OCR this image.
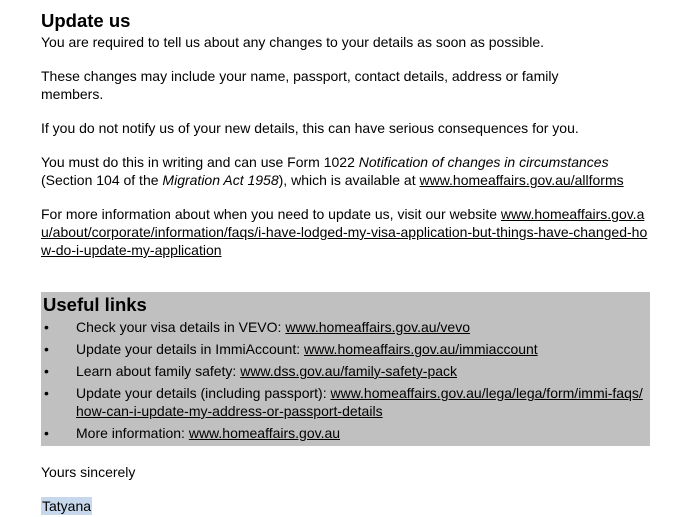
Update us

You are required to tell us about any changes to your details as soon as possible.

These changes may include your name, passport, contact details, address or family members.

If you do not notify us of your new details, this can have serious consequences for you.

You must do this in writing and can use Form 1022 Notification of changes in circumstances (Section 104 of the Migration Act 1958), which is available at www.homeaffairs.gov.au/allforms

For more information about when you need to update us, visit our website www.homeaffairs.gov.au/about/corporate/information/faqs/i-have-lodged-my-visa-application-but-things-have-changed-how-do-i-update-my-application

Useful links
• Check your visa details in VEVO: www.homeaffairs.gov.au/vevo
• Update your details in ImmiAccount: www.homeaffairs.gov.au/immiaccount
• Learn about family safety: www.dss.gov.au/family-safety-pack
• Update your details (including passport): www.homeaffairs.gov.au/lega/lega/form/immi-faqs/how-can-i-update-my-address-or-passport-details
• More information: www.homeaffairs.gov.au

Yours sincerely

Tatyana
